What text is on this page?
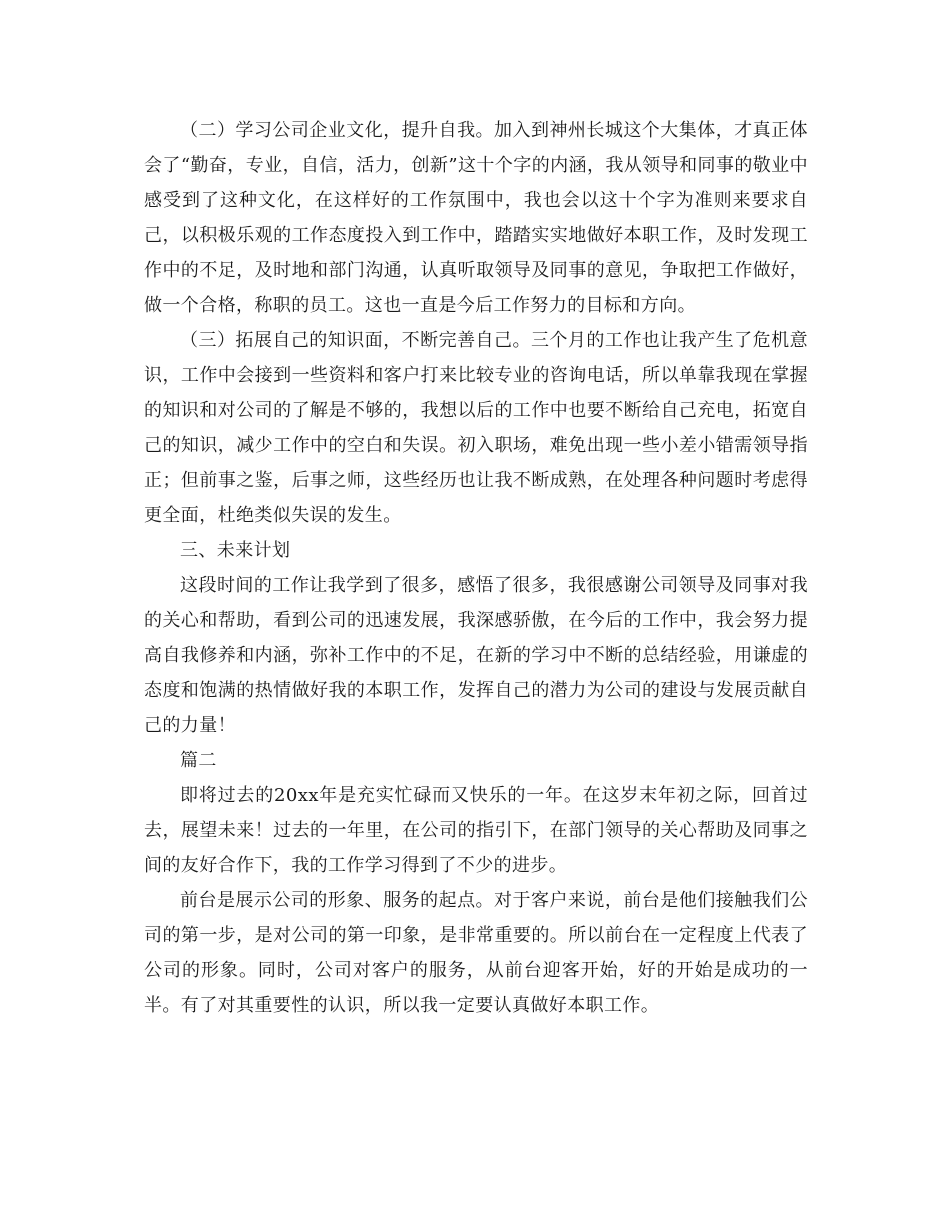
（二）学习公司企业文化，提升自我。加入到神州长城这个大集体，才真正体会了“勤奋，专业，自信，活力，创新”这十个字的内涵，我从领导和同事的敬业中感受到了这种文化，在这样好的工作氛围中，我也会以这十个字为准则来要求自己，以积极乐观的工作态度投入到工作中，踏踏实实地做好本职工作，及时发现工作中的不足，及时地和部门沟通，认真听取领导及同事的意见，争取把工作做好，做一个合格，称职的员工。这也一直是今后工作努力的目标和方向。

（三）拓展自己的知识面，不断完善自己。三个月的工作也让我产生了危机意识，工作中会接到一些资料和客户打来比较专业的咨询电话，所以单靠我现在掌握的知识和对公司的了解是不够的，我想以后的工作中也要不断给自己充电，拓宽自己的知识，减少工作中的空白和失误。初入职场，难免出现一些小差小错需领导指正；但前事之鉴，后事之师，这些经历也让我不断成熟，在处理各种问题时考虑得更全面，杜绝类似失误的发生。

三、未来计划

这段时间的工作让我学到了很多，感悟了很多，我很感谢公司领导及同事对我的关心和帮助，看到公司的迅速发展，我深感骄傲，在今后的工作中，我会努力提高自我修养和内涵，弥补工作中的不足，在新的学习中不断的总结经验，用谦虚的态度和饱满的热情做好我的本职工作，发挥自己的潜力为公司的建设与发展贡献自己的力量！

篇二

即将过去的20xx年是充实忙碌而又快乐的一年。在这岁末年初之际，回首过去，展望未来！过去的一年里，在公司的指引下，在部门领导的关心帮助及同事之间的友好合作下，我的工作学习得到了不少的进步。

前台是展示公司的形象、服务的起点。对于客户来说，前台是他们接触我们公司的第一步，是对公司的第一印象，是非常重要的。所以前台在一定程度上代表了公司的形象。同时，公司对客户的服务，从前台迎客开始，好的开始是成功的一半。有了对其重要性的认识，所以我一定要认真做好本职工作。
